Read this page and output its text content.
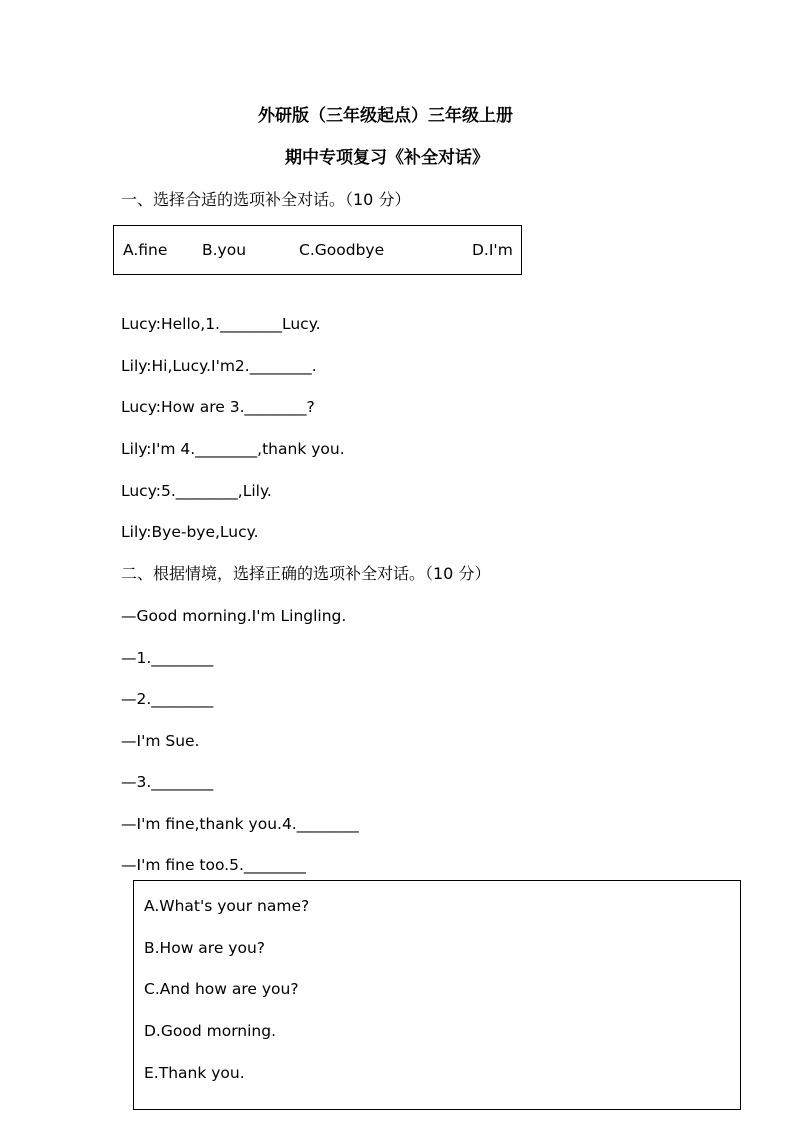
外研版（三年级起点）三年级上册
期中专项复习《补全对话》
一、选择合适的选项补全对话。（10 分）
A.fine B.you	C.Goodbye	D.I'm
Lucy:Hello,1.________Lucy.
Lily:Hi,Lucy.I'm2.________.
Lucy:How are 3.________?
Lily:I'm 4.________,thank you.
Lucy:5.________,Lily.
Lily:Bye-bye,Lucy.
二、根据情境，选择正确的选项补全对话。（10 分）
—Good morning.I'm Lingling.
—1.________
—2.________
—I'm Sue.
—3.________
—I'm fine,thank you.4.________
—I'm fine too.5.________
A.What's your name?
B.How are you?
C.And how are you?
D.Good morning.
E.Thank you.
